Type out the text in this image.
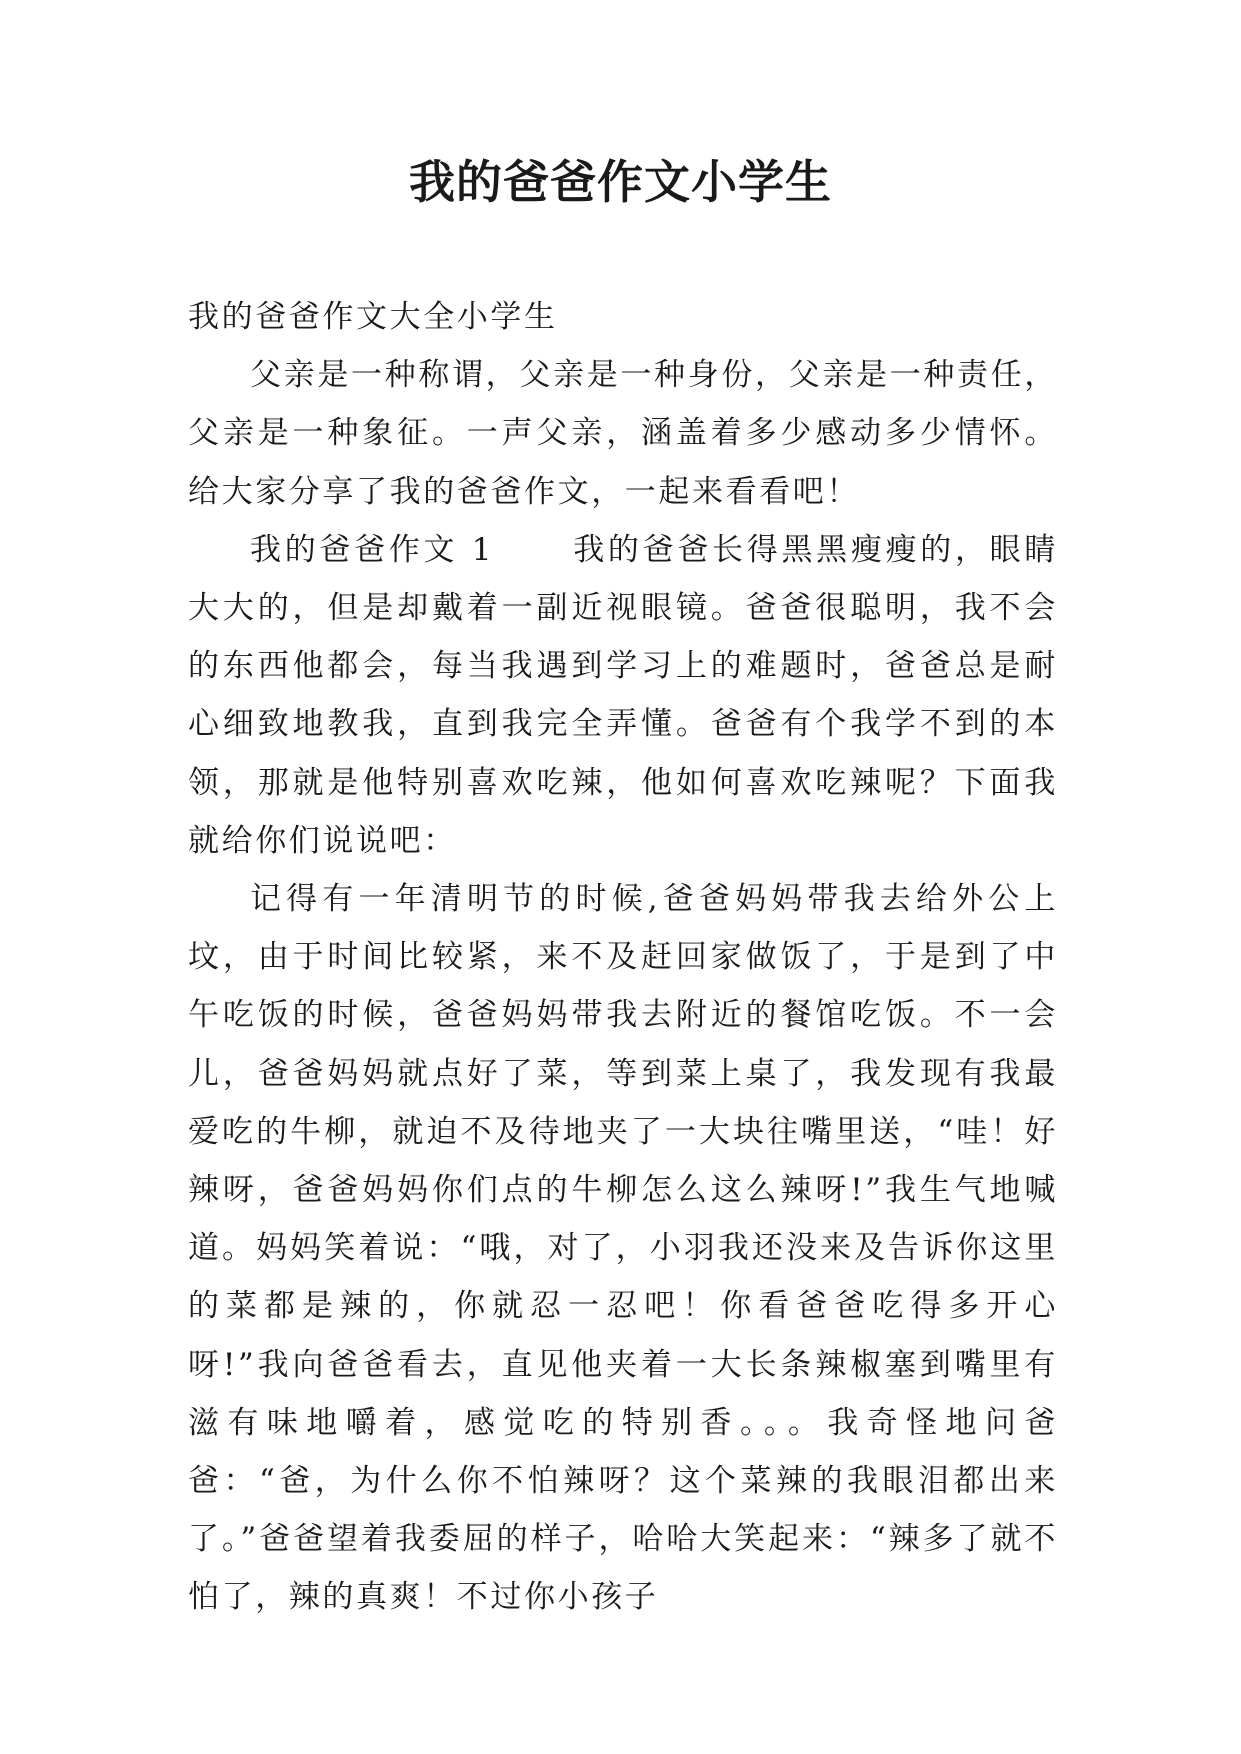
我的爸爸作文小学生

我的爸爸作文大全小学生

父亲是一种称谓，父亲是一种身份，父亲是一种责任，父亲是一种象征。一声父亲，涵盖着多少感动多少情怀。给大家分享了我的爸爸作文，一起来看看吧！

我的爸爸作文 1	我的爸爸长得黑黑瘦瘦的，眼睛大大的，但是却戴着一副近视眼镜。爸爸很聪明，我不会的东西他都会，每当我遇到学习上的难题时，爸爸总是耐心细致地教我，直到我完全弄懂。爸爸有个我学不到的本领，那就是他特别喜欢吃辣，他如何喜欢吃辣呢？下面我就给你们说说吧：

记得有一年清明节的时候,爸爸妈妈带我去给外公上坟，由于时间比较紧，来不及赶回家做饭了，于是到了中午吃饭的时候，爸爸妈妈带我去附近的餐馆吃饭。不一会儿，爸爸妈妈就点好了菜，等到菜上桌了，我发现有我最爱吃的牛柳，就迫不及待地夹了一大块往嘴里送，“哇！好辣呀，爸爸妈妈你们点的牛柳怎么这么辣呀!”我生气地喊道。妈妈笑着说：“哦，对了，小羽我还没来及告诉你这里的菜都是辣的，你就忍一忍吧！你看爸爸吃得多开心呀!”我向爸爸看去，直见他夹着一大长条辣椒塞到嘴里有滋有味地嚼着，感觉吃的特别香。。。我奇怪地问爸爸：“爸，为什么你不怕辣呀？这个菜辣的我眼泪都出来了。”爸爸望着我委屈的样子，哈哈大笑起来：“辣多了就不怕了，辣的真爽！不过你小孩子
